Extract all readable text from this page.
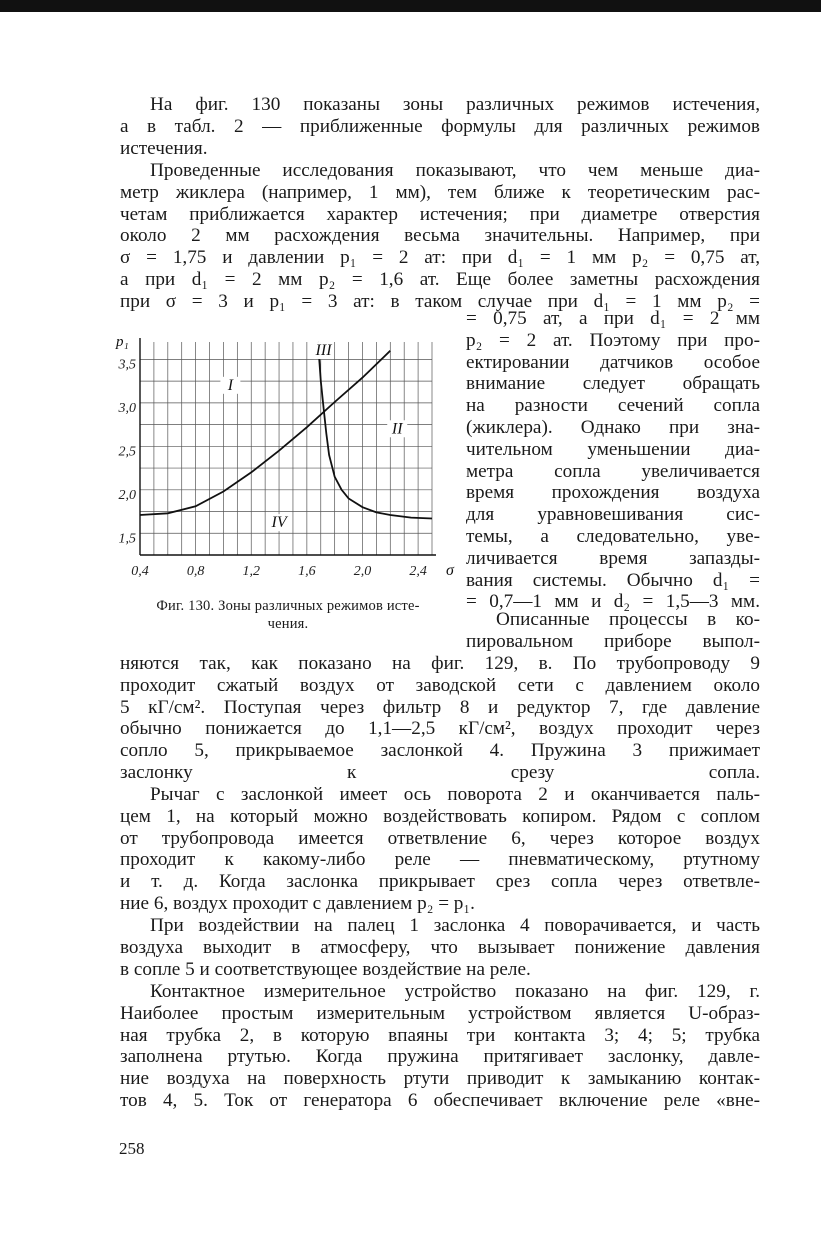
На фиг. 130 показаны зоны различных режимов истечения,
а в табл. 2 — приближенные формулы для различных режимов
истечения.
Проведенные исследования показывают, что чем меньше диа-
метр жиклера (например, 1 мм), тем ближе к теоретическим рас-
четам приближается характер истечения; при диаметре отверстия
около 2 мм расхождения весьма значительны. Например, при
σ = 1,75 и давлении p₁ = 2 ат: при d₁ = 1 мм p₂ = 0,75 ат,
а при d₁ = 2 мм p₂ = 1,6 ат. Еще более заметны расхождения
при σ = 3 и p₁ = 3 ат: в таком случае при d₁ = 1 мм p₂ =
= 0,75 ат, а при d₁ = 2 мм
p₂ = 2 ат. Поэтому при про-
ектировании датчиков особое
внимание следует обращать
на разности сечений сопла
(жиклера). Однако при зна-
чительном уменьшении диа-
метра сопла увеличивается
время прохождения воздуха
для уравновешивания сис-
темы, а следовательно, уве-
личивается время запазды-
вания системы. Обычно d₁ =
= 0,7—1 мм и d₂ = 1,5—3 мм.
Описанные процессы в ко-
пировальном приборе выпол-
няются так, как показано на фиг. 129, в. По трубопроводу 9
проходит сжатый воздух от заводской сети с давлением около
5 кГ/см². Поступая через фильтр 8 и редуктор 7, где давление
обычно понижается до 1,1—2,5 кГ/см², воздух проходит через
сопло 5, прикрываемое заслонкой 4. Пружина 3 прижимает
заслонку к срезу сопла.
Рычаг с заслонкой имеет ось поворота 2 и оканчивается паль-
цем 1, на который можно воздействовать копиром. Рядом с соплом
от трубопровода имеется ответвление 6, через которое воздух
проходит к какому-либо реле — пневматическому, ртутному
и т. д. Когда заслонка прикрывает срез сопла через ответвле-
ние 6, воздух проходит с давлением p₂ = p₁.
При воздействии на палец 1 заслонка 4 поворачивается, и часть
воздуха выходит в атмосферу, что вызывает понижение давления
в сопле 5 и соответствующее воздействие на реле.
Контактное измерительное устройство показано на фиг. 129, г.
Наиболее простым измерительным устройством является U-образ-
ная трубка 2, в которую впаяны три контакта 3; 4; 5; трубка
заполнена ртутью. Когда пружина притягивает заслонку, давле-
ние воздуха на поверхность ртути приводит к замыканию контак-
тов 4, 5. Ток от генератора 6 обеспечивает включение реле «вне-
0,4	0,8	1,2	1,6	2,0	2,4
1,5
2,0
2,5
3,0
3,5
p₁
σ
I
II
III
IV
Фиг. 130. Зоны различных режимов исте-
чения.
258
